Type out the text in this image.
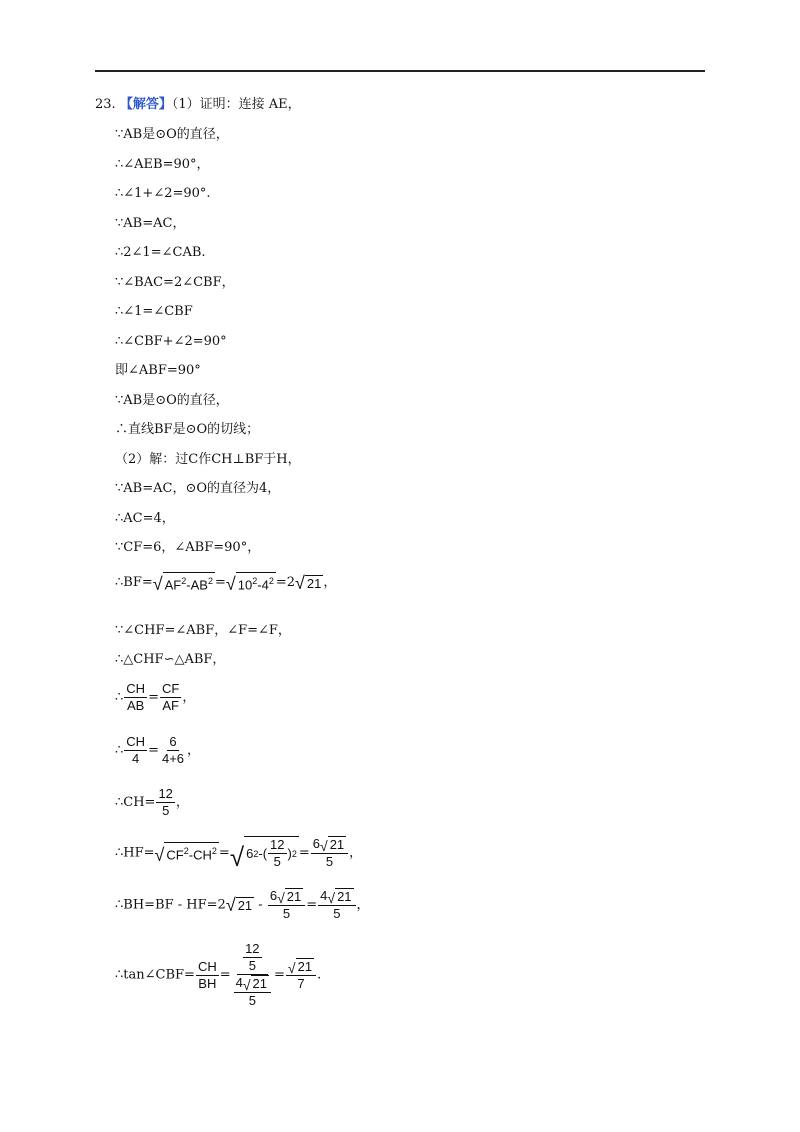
23. 【解答】（1）证明：连接 AE，
∵AB是⊙O的直径，
∴∠AEB=90°，
∴∠1+∠2=90°.
∵AB=AC，
∴2∠1=∠CAB.
∵∠BAC=2∠CBF，
∴∠1=∠CBF
∴∠CBF+∠2=90°
即∠ABF=90°
∵AB是⊙O的直径，
∴直线BF是⊙O的切线；
（2）解：过C作CH⊥BF于H，
∵AB=AC，⊙O的直径为4，
∴AC=4，
∵CF=6，∠ABF=90°，
∴BF= √ $AF^2-AB^2$ = √ $10^2-4^2 =2$ √ 21 ，
∵∠CHF=∠ABF，∠F=∠F，
∴△CHF∽△ABF，
∴ $\frac{CH}{AB} = \frac{CF}{AF}$ ，
∴ $\frac{CH}{4} = \frac{6}{4+6}$ ，
∴CH= $\frac{12}{5}$ ，
∴HF= √ $CF^2-CH^2$ = √ 6 2 -( $\frac{12}{5}$ ) $2 = \frac{6 √ 21}{5}$ ，
∴BH=BF - HF=2 √ $21 - \frac{6 √ 21}{5} = \frac{4 √ 21}{5}$ ，
∴tan∠CBF= $\frac{CH}{BH} = \frac{\frac{12}{5}}{\frac{4 √ 21}{5}} = \frac{√ 21}{7}$ .
